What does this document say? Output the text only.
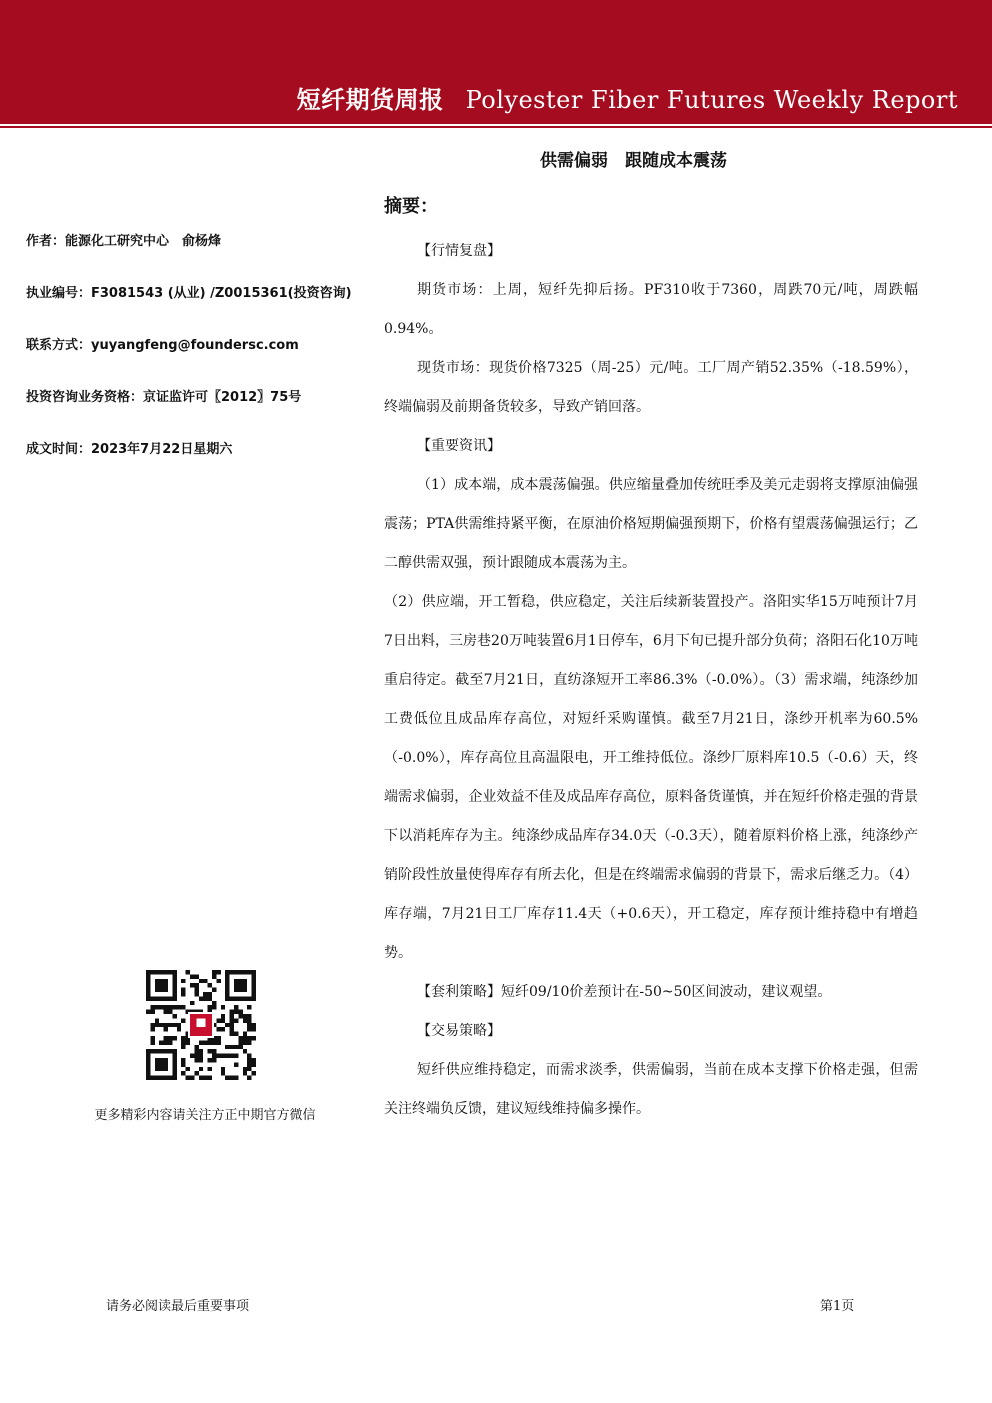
短纤期货周报 Polyester Fiber Futures Weekly Report
作者：能源化工研究中心　俞杨烽
执业编号：F3081543 (从业) /Z0015361(投资咨询)
联系方式：yuyangfeng@foundersc.com
投资咨询业务资格：京证监许可〖2012〗75号
成文时间：2023年7月22日星期六
更多精彩内容请关注方正中期官方微信
供需偏弱　跟随成本震荡
摘要：

【行情复盘】

期货市场：上周，短纤先抑后扬。PF310收于7360，周跌70元/吨，周跌幅0.94%。

现货市场：现货价格7325（周-25）元/吨。工厂周产销52.35%（-18.59%），终端偏弱及前期备货较多，导致产销回落。

【重要资讯】

（1）成本端，成本震荡偏强。供应缩量叠加传统旺季及美元走弱将支撑原油偏强震荡；PTA供需维持紧平衡，在原油价格短期偏强预期下，价格有望震荡偏强运行；乙二醇供需双强，预计跟随成本震荡为主。

（2）供应端，开工暂稳，供应稳定，关注后续新装置投产。洛阳实华15万吨预计7月7日出料，三房巷20万吨装置6月1日停车，6月下旬已提升部分负荷；洛阳石化10万吨重启待定。截至7月21日，直纺涤短开工率86.3%（-0.0%）。（3）需求端，纯涤纱加工费低位且成品库存高位，对短纤采购谨慎。截至7月21日，涤纱开机率为60.5%（-0.0%），库存高位且高温限电，开工维持低位。涤纱厂原料库10.5（-0.6）天，终端需求偏弱，企业效益不佳及成品库存高位，原料备货谨慎，并在短纤价格走强的背景下以消耗库存为主。纯涤纱成品库存34.0天（-0.3天），随着原料价格上涨，纯涤纱产销阶段性放量使得库存有所去化，但是在终端需求偏弱的背景下，需求后继乏力。（4）库存端，7月21日工厂库存11.4天（+0.6天），开工稳定，库存预计维持稳中有增趋势。

【套利策略】短纤09/10价差预计在-50~50区间波动，建议观望。

【交易策略】

短纤供应维持稳定，而需求淡季，供需偏弱，当前在成本支撑下价格走强，但需关注终端负反馈，建议短线维持偏多操作。

请务必阅读最后重要事项	第1页
